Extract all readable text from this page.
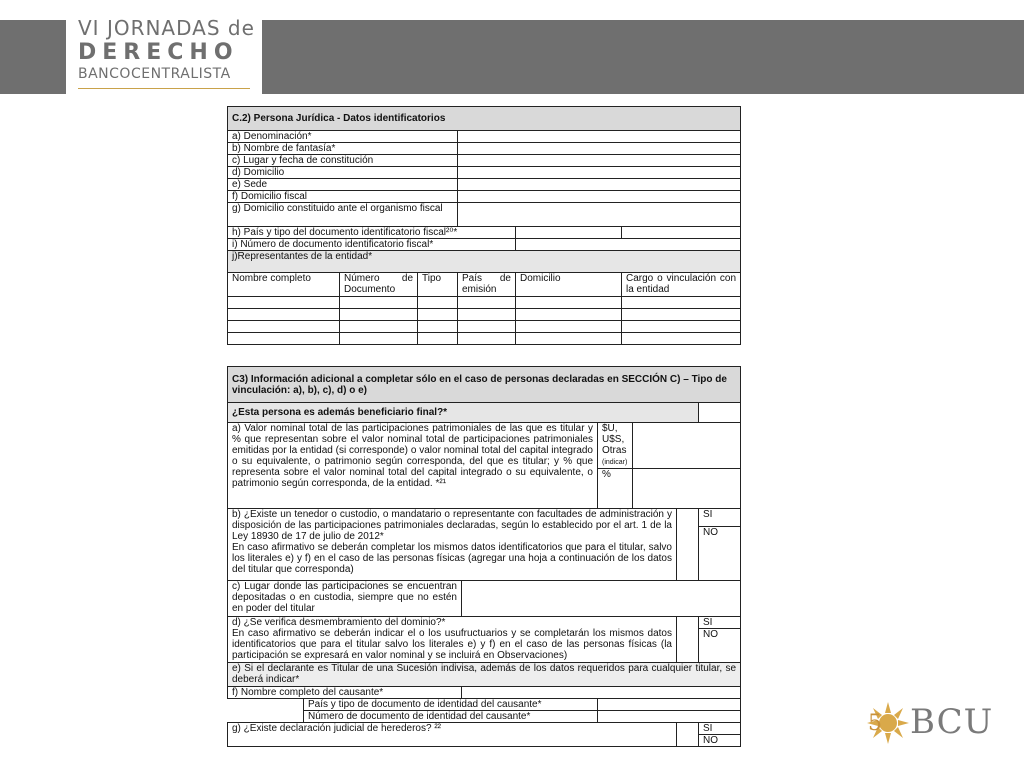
VI JORNADAS de
DERECHO
BANCOCENTRALISTA
C.2) Persona Jurídica - Datos identificatorios					
a) Denominación*					
b) Nombre de fantasía*					
c) Lugar y fecha de constitución					
d) Domicilio					
e) Sede					
f) Domicilio fiscal					
g) Domicilio constituido ante el organismo fiscal					
h) País y tipo del documento identificatorio fiscal²⁰*					
i) Número de documento identificatorio fiscal*					
j)Representantes de la entidad*					
Nombre completo	Número de Documento	Tipo	País de emisión	Domicilio	Cargo o vinculación con la entidad

C3) Información adicional a completar sólo en el caso de personas declaradas en SECCIÓN C) – Tipo de vinculación: a), b), c), d) o e)						
¿Esta persona es además beneficiario final?*						
a) Valor nominal total de las participaciones patrimoniales de las que es titular y % que representan sobre el valor nominal total de participaciones patrimoniales emitidas por la entidad (si corresponde) o valor nominal total del capital integrado o su equivalente, o patrimonio según corresponda, del que es titular; y % que representa sobre el valor nominal total del capital integrado o su equivalente, o patrimonio según corresponda, de la entidad. *²¹			$U, U$S, Otras
(indicar)			
			%			
b) ¿Existe un tenedor o custodio, o mandatario o representante con facultades de administración y disposición de las participaciones patrimoniales declaradas, según lo establecido por el art. 1 de la Ley 18930 de 17 de julio de 2012*
En caso afirmativo se deberán completar los mismos datos identificatorios que para el titular, salvo los literales e) y f) en el caso de las personas físicas (agregar una hoja a continuación de los datos del titular que corresponda)						SI
						NO
c) Lugar donde las participaciones se encuentran depositadas o en custodia, siempre que no estén en poder del titular						
d) ¿Se verifica desmembramiento del dominio?*
En caso afirmativo se deberán indicar el o los usufructuarios y se completarán los mismos datos identificatorios que para el titular salvo los literales e) y f) en el caso de las personas físicas (la participación se expresará en valor nominal y se incluirá en Observaciones)						SI
						NO
e) Si el declarante es Titular de una Sucesión indivisa, además de los datos requeridos para cualquier titular, se deberá indicar*						
f) Nombre completo del causante*						
	País y tipo de documento de identidad del causante*					
	Número de documento de identidad del causante*					
g) ¿Existe declaración judicial de herederos? ²²						SI
						NO
5 BCU
